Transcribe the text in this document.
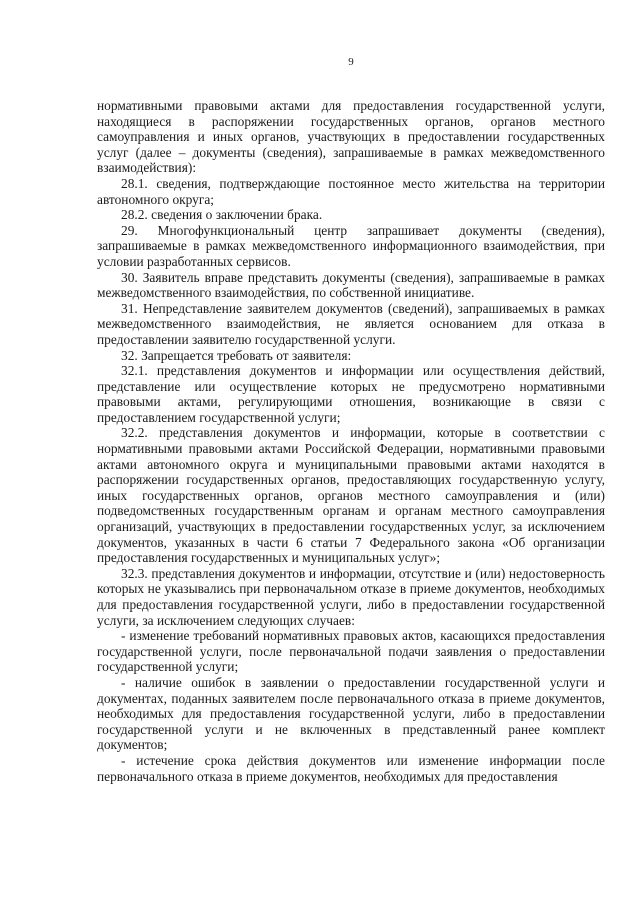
9

нормативными правовыми актами для предоставления государственной услуги, находящиеся в распоряжении государственных органов, органов местного самоуправления и иных органов, участвующих в предоставлении государственных услуг (далее – документы (сведения), запрашиваемые в рамках межведомственного взаимодействия):

28.1. сведения, подтверждающие постоянное место жительства на территории автономного округа;

28.2. сведения о заключении брака.

29. Многофункциональный центр запрашивает документы (сведения), запрашиваемые в рамках межведомственного информационного взаимодействия, при условии разработанных сервисов.

30. Заявитель вправе представить документы (сведения), запрашиваемые в рамках межведомственного взаимодействия, по собственной инициативе.

31. Непредставление заявителем документов (сведений), запрашиваемых в рамках межведомственного взаимодействия, не является основанием для отказа в предоставлении заявителю государственной услуги.

32. Запрещается требовать от заявителя:

32.1. представления документов и информации или осуществления действий, представление или осуществление которых не предусмотрено нормативными правовыми актами, регулирующими отношения, возникающие в связи с предоставлением государственной услуги;

32.2. представления документов и информации, которые в соответствии с нормативными правовыми актами Российской Федерации, нормативными правовыми актами автономного округа и муниципальными правовыми актами находятся в распоряжении государственных органов, предоставляющих государственную услугу, иных государственных органов, органов местного самоуправления и (или) подведомственных государственным органам и органам местного самоуправления организаций, участвующих в предоставлении государственных услуг, за исключением документов, указанных в части 6 статьи 7 Федерального закона «Об организации предоставления государственных и муниципальных услуг»;

32.3. представления документов и информации, отсутствие и (или) недостоверность которых не указывались при первоначальном отказе в приеме документов, необходимых для предоставления государственной услуги, либо в предоставлении государственной услуги, за исключением следующих случаев:

- изменение требований нормативных правовых актов, касающихся предоставления государственной услуги, после первоначальной подачи заявления о предоставлении государственной услуги;

- наличие ошибок в заявлении о предоставлении государственной услуги и документах, поданных заявителем после первоначального отказа в приеме документов, необходимых для предоставления государственной услуги, либо в предоставлении государственной услуги и не включенных в представленный ранее комплект документов;

- истечение срока действия документов или изменение информации после первоначального отказа в приеме документов, необходимых для предоставления
